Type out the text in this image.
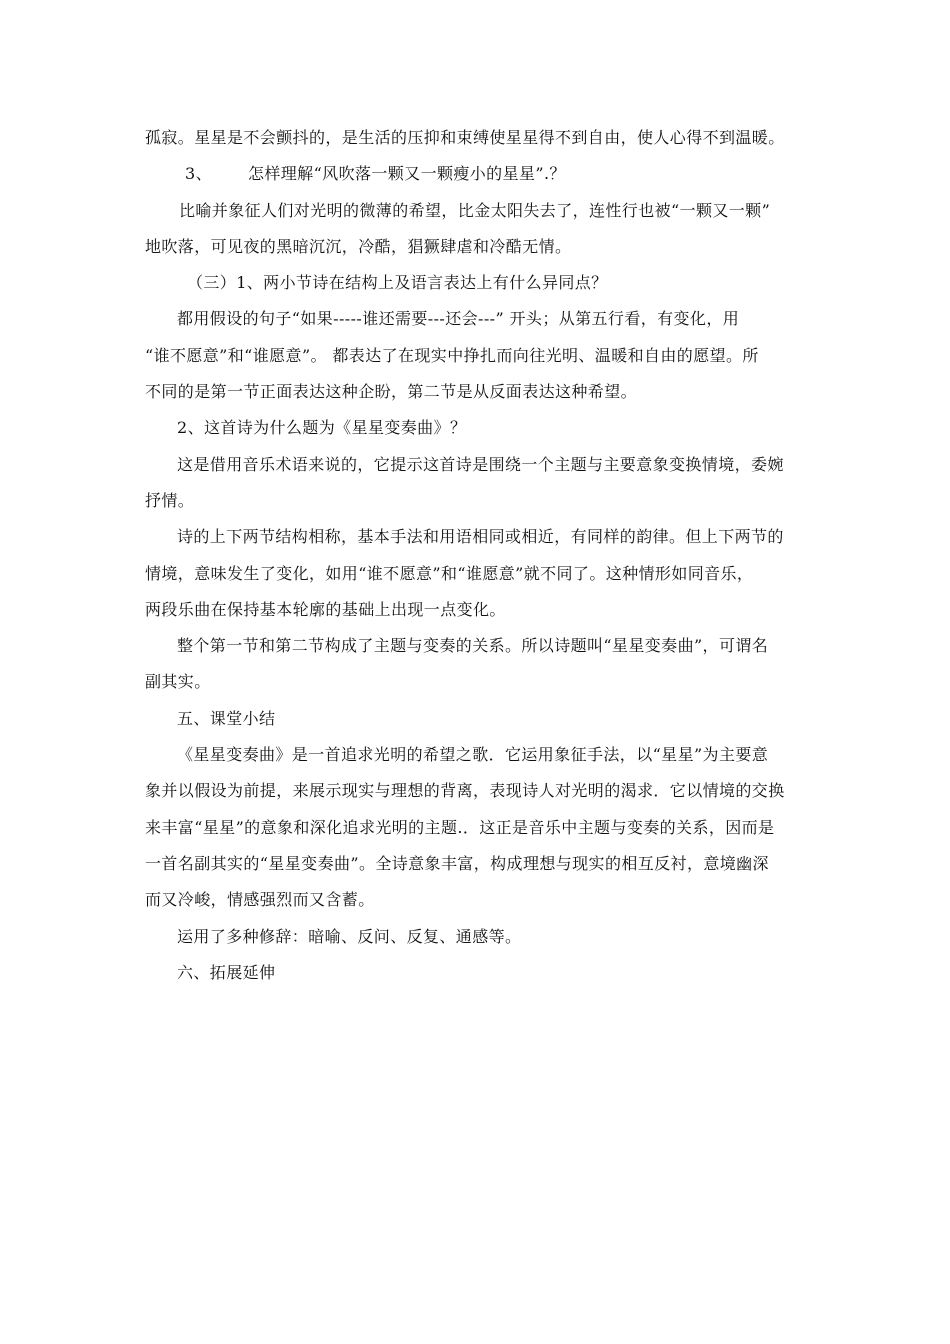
孤寂。星星是不会颤抖的，是生活的压抑和束缚使星星得不到自由，使人心得不到温暖。
3、 怎样理解“风吹落一颗又一颗瘦小的星星”.？
比喻并象征人们对光明的微薄的希望，比金太阳失去了，连性行也被“一颗又一颗”
地吹落，可见夜的黑暗沉沉，冷酷，猖獗肆虐和冷酷无情。
（三）1、两小节诗在结构上及语言表达上有什么异同点？
都用假设的句子“如果-----谁还需要---还会---” 开头；从第五行看，有变化，用
“谁不愿意”和“谁愿意”。 都表达了在现实中挣扎而向往光明、温暖和自由的愿望。所
不同的是第一节正面表达这种企盼，第二节是从反面表达这种希望。
2、这首诗为什么题为《星星变奏曲》？
这是借用音乐术语来说的，它提示这首诗是围绕一个主题与主要意象变换情境，委婉
抒情。
诗的上下两节结构相称，基本手法和用语相同或相近，有同样的韵律。但上下两节的
情境，意味发生了变化，如用“谁不愿意”和“谁愿意”就不同了。这种情形如同音乐，
两段乐曲在保持基本轮廓的基础上出现一点变化。
整个第一节和第二节构成了主题与变奏的关系。所以诗题叫“星星变奏曲”，可谓名
副其实。
五、课堂小结
《星星变奏曲》是一首追求光明的希望之歌．它运用象征手法，以“星星”为主要意
象并以假设为前提，来展示现实与理想的背离，表现诗人对光明的渴求．它以情境的交换
来丰富“星星”的意象和深化追求光明的主题.．这正是音乐中主题与变奏的关系，因而是
一首名副其实的“星星变奏曲”。全诗意象丰富，构成理想与现实的相互反衬，意境幽深
而又冷峻，情感强烈而又含蓄。
运用了多种修辞：暗喻、反问、反复、通感等。
六、拓展延伸
